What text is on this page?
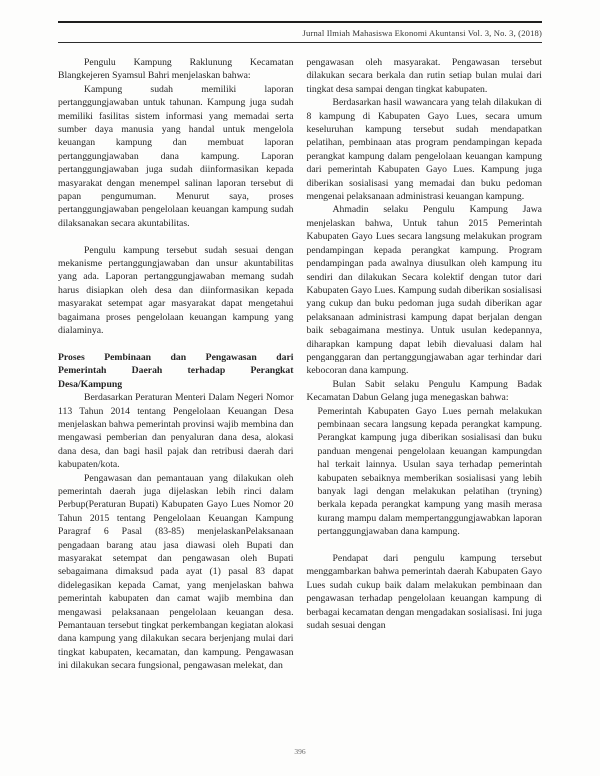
Jurnal Ilmiah Mahasiswa Ekonomi Akuntansi Vol. 3, No. 3, (2018)

Pengulu Kampung Raklunung Kecamatan Blangkejeren Syamsul Bahri menjelaskan bahwa:

Kampung sudah memiliki laporan pertanggungjawaban untuk tahunan. Kampung juga sudah memiliki fasilitas sistem informasi yang memadai serta sumber daya manusia yang handal untuk mengelola keuangan kampung dan membuat laporan pertanggungjawaban dana kampung. Laporan pertanggungjawaban juga sudah diinformasikan kepada masyarakat dengan menempel salinan laporan tersebut di papan pengumuman. Menurut saya, proses pertanggungjawaban pengelolaan keuangan kampung sudah dilaksanakan secara akuntabilitas.

Pengulu kampung tersebut sudah sesuai dengan mekanisme pertanggungjawaban dan unsur akuntabilitas yang ada. Laporan pertanggungjawaban memang sudah harus disiapkan oleh desa dan diinformasikan kepada masyarakat setempat agar masyarakat dapat mengetahui bagaimana proses pengelolaan keuangan kampung yang dialaminya.

Proses Pembinaan dan Pengawasan dari Pemerintah Daerah terhadap Perangkat Desa/Kampung

Berdasarkan Peraturan Menteri Dalam Negeri Nomor 113 Tahun 2014 tentang Pengelolaan Keuangan Desa menjelaskan bahwa pemerintah provinsi wajib membina dan mengawasi pemberian dan penyaluran dana desa, alokasi dana desa, dan bagi hasil pajak dan retribusi daerah dari kabupaten/kota.

Pengawasan dan pemantauan yang dilakukan oleh pemerintah daerah juga dijelaskan lebih rinci dalam Perbup(Peraturan Bupati) Kabupaten Gayo Lues Nomor 20 Tahun 2015 tentang Pengelolaan Keuangan Kampung Paragraf 6 Pasal (83-85) menjelaskanPelaksanaan pengadaan barang atau jasa diawasi oleh Bupati dan masyarakat setempat dan pengawasan oleh Bupati sebagaimana dimaksud pada ayat (1) pasal 83 dapat didelegasikan kepada Camat, yang menjelaskan bahwa pemerintah kabupaten dan camat wajib membina dan mengawasi pelaksanaan pengelolaan keuangan desa. Pemantauan tersebut tingkat perkembangan kegiatan alokasi dana kampung yang dilakukan secara berjenjang mulai dari tingkat kabupaten, kecamatan, dan kampung. Pengawasan ini dilakukan secara fungsional, pengawasan melekat, dan

pengawasan oleh masyarakat. Pengawasan tersebut dilakukan secara berkala dan rutin setiap bulan mulai dari tingkat desa sampai dengan tingkat kabupaten.

Berdasarkan hasil wawancara yang telah dilakukan di 8 kampung di Kabupaten Gayo Lues, secara umum keseluruhan kampung tersebut sudah mendapatkan pelatihan, pembinaan atas program pendampingan kepada perangkat kampung dalam pengelolaan keuangan kampung dari pemerintah Kabupaten Gayo Lues. Kampung juga diberikan sosialisasi yang memadai dan buku pedoman mengenai pelaksanaan administrasi keuangan kampung.

Ahmadin selaku Pengulu Kampung Jawa menjelaskan bahwa, Untuk tahun 2015 Pemerintah Kabupaten Gayo Lues secara langsung melakukan program pendampingan kepada perangkat kampung. Program pendampingan pada awalnya diusulkan oleh kampung itu sendiri dan dilakukan Secara kolektif dengan tutor dari Kabupaten Gayo Lues. Kampung sudah diberikan sosialisasi yang cukup dan buku pedoman juga sudah diberikan agar pelaksanaan administrasi kampung dapat berjalan dengan baik sebagaimana mestinya. Untuk usulan kedepannya, diharapkan kampung dapat lebih dievaluasi dalam hal penganggaran dan pertanggungjawaban agar terhindar dari kebocoran dana kampung.

Bulan Sabit selaku Pengulu Kampung Badak Kecamatan Dabun Gelang juga menegaskan bahwa:

Pemerintah Kabupaten Gayo Lues pernah melakukan pembinaan secara langsung kepada perangkat kampung. Perangkat kampung juga diberikan sosialisasi dan buku panduan mengenai pengelolaan keuangan kampungdan hal terkait lainnya. Usulan saya terhadap pemerintah kabupaten sebaiknya memberikan sosialisasi yang lebih banyak lagi dengan melakukan pelatihan (tryning) berkala kepada perangkat kampung yang masih merasa kurang mampu dalam mempertanggungjawabkan laporan pertanggungjawaban dana kampung.

Pendapat dari pengulu kampung tersebut menggambarkan bahwa pemerintah daerah Kabupaten Gayo Lues sudah cukup baik dalam melakukan pembinaan dan pengawasan terhadap pengelolaan keuangan kampung di berbagai kecamatan dengan mengadakan sosialisasi. Ini juga sudah sesuai dengan

396
